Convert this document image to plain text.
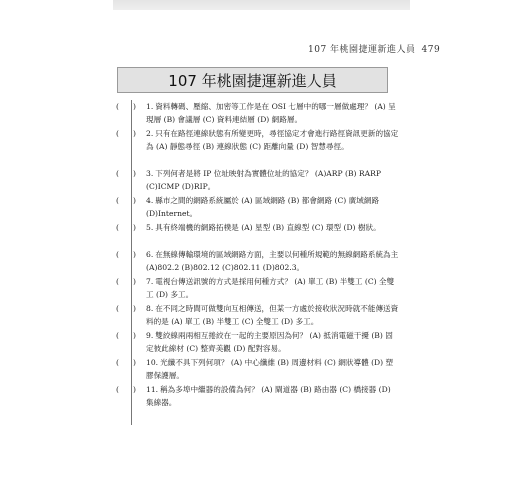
107 年桃園捷運新進人員 479
107 年桃園捷運新進人員
( ) 1. 資料轉碼、壓縮、加密等工作是在 OSI 七層中的哪一層做處理？ (A) 呈現層 (B) 會議層 (C) 資料連結層 (D) 網路層。
( ) 2. 只有在路徑連線狀態有所變更時，尋徑協定才會進行路徑資訊更新的協定為 (A) 靜態尋徑 (B) 連線狀態 (C) 距離向量 (D) 智慧尋徑。
( ) 3. 下列何者是將 IP 位址映射為實體位址的協定？ (A)ARP (B) RARP (C)ICMP (D)RIP。
( ) 4. 縣市之間的網路系統屬於 (A) 區域網路 (B) 都會網路 (C) 廣域網路 (D)Internet。
( ) 5. 具有終端機的網路拓樸是 (A) 星型 (B) 直線型 (C) 環型 (D) 樹狀。
( ) 6. 在無線傳輸環境的區域網路方面，主要以何種所規範的無線網路系統為主 (A)802.2 (B)802.12 (C)802.11 (D)802.3。
( ) 7. 電視台傳送訊號的方式是採用何種方式？ (A) 單工 (B) 半雙工 (C) 全雙工 (D) 多工。
( ) 8. 在不同之時間可做雙向互相傳送，但某一方處於接收狀況時就不能傳送資料的是 (A) 單工 (B) 半雙工 (C) 全雙工 (D) 多工。
( ) 9. 雙絞線兩兩相互捲絞在一起的主要原因為何？ (A) 抵消電磁干擾 (B) 固定彼此線材 (C) 整齊美觀 (D) 配對容易。
( ) 10. 光纖不具下列何項？ (A) 中心纖維 (B) 周邊材料 (C) 網狀導體 (D) 塑膠保護層。
( ) 11. 稱為多埠中繼器的設備為何？ (A) 閘道器 (B) 路由器 (C) 橋接器 (D) 集線器。
